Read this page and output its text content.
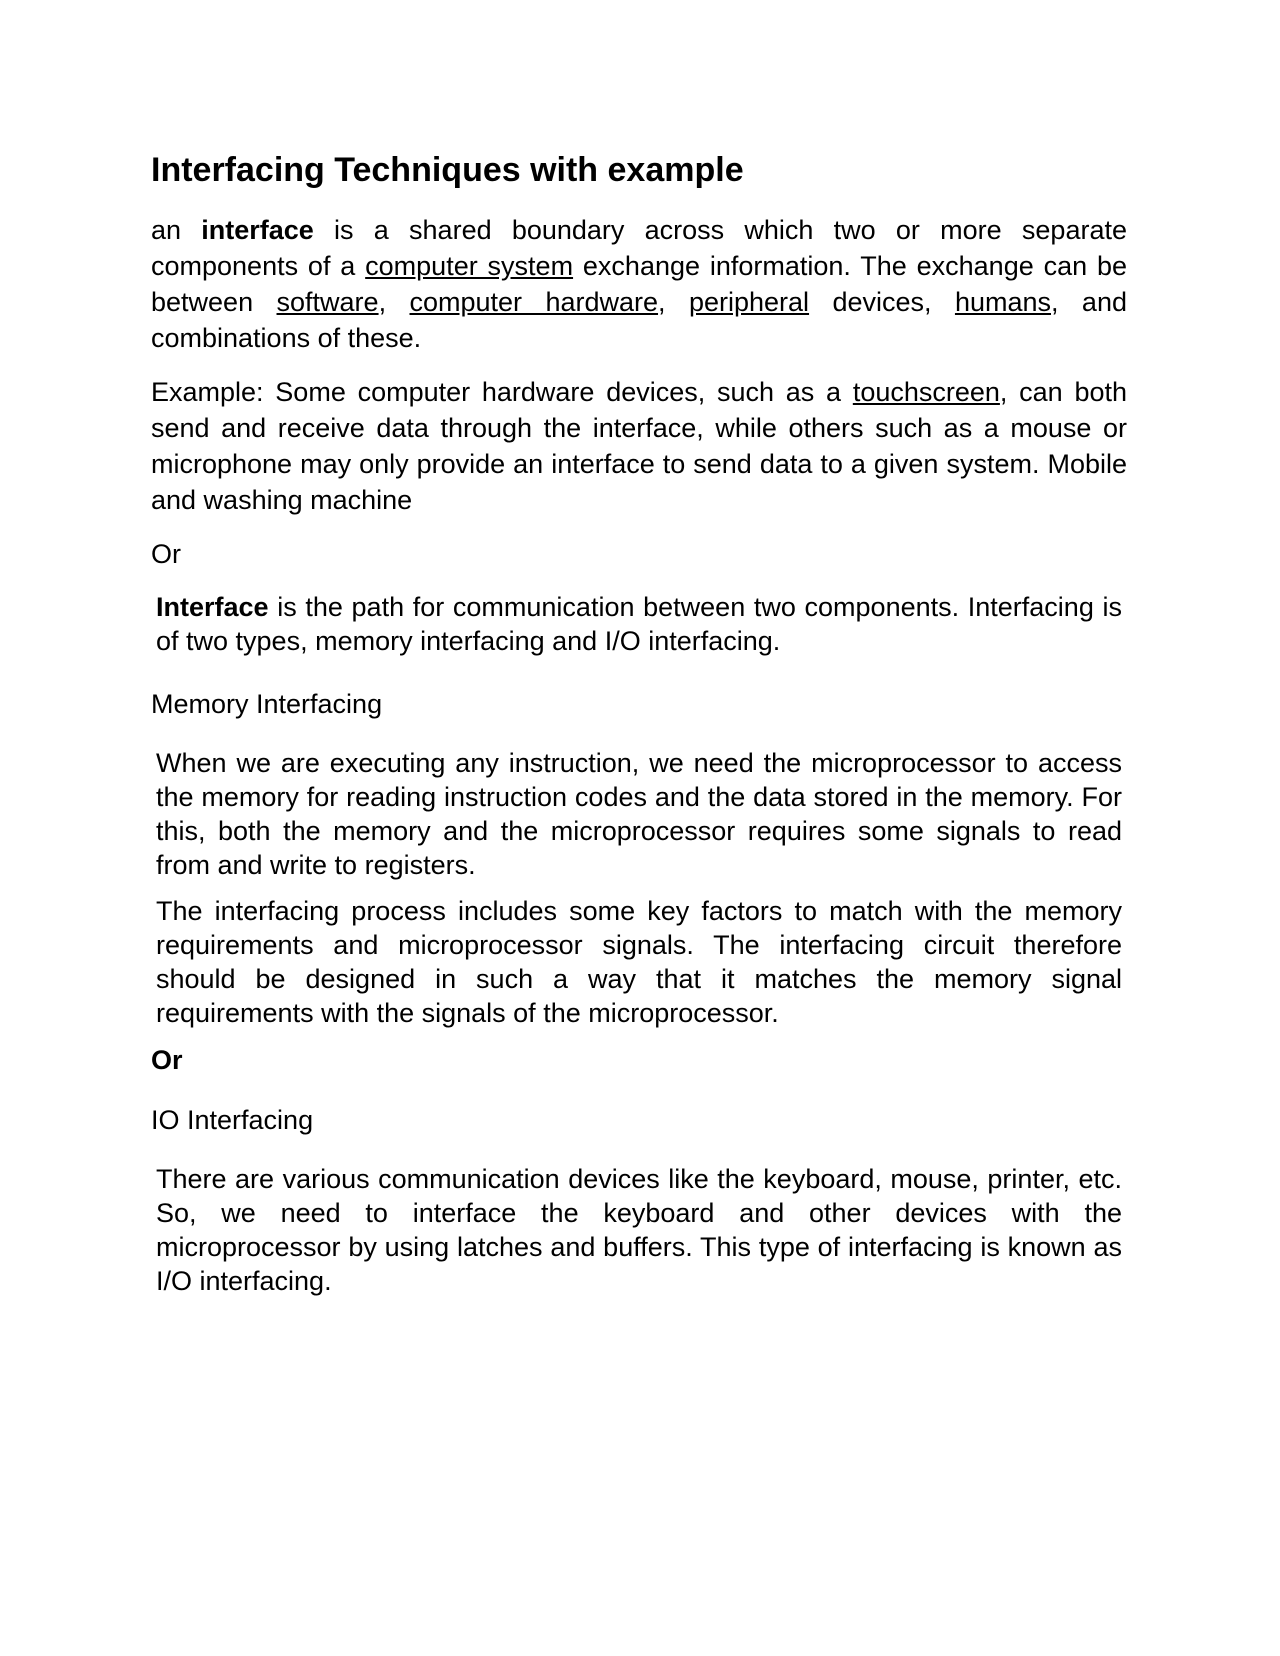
Interfacing Techniques with example

an interface is a shared boundary across which two or more separate components of a computer system exchange information. The exchange can be between software, computer hardware, peripheral devices, humans, and combinations of these.

Example: Some computer hardware devices, such as a touchscreen, can both send and receive data through the interface, while others such as a mouse or microphone may only provide an interface to send data to a given system. Mobile and washing machine

Or

Interface is the path for communication between two components. Interfacing is of two types, memory interfacing and I/O interfacing.

Memory Interfacing

When we are executing any instruction, we need the microprocessor to access the memory for reading instruction codes and the data stored in the memory. For this, both the memory and the microprocessor requires some signals to read from and write to registers.

The interfacing process includes some key factors to match with the memory requirements and microprocessor signals. The interfacing circuit therefore should be designed in such a way that it matches the memory signal requirements with the signals of the microprocessor.

Or

IO Interfacing

There are various communication devices like the keyboard, mouse, printer, etc. So, we need to interface the keyboard and other devices with the microprocessor by using latches and buffers. This type of interfacing is known as I/O interfacing.
